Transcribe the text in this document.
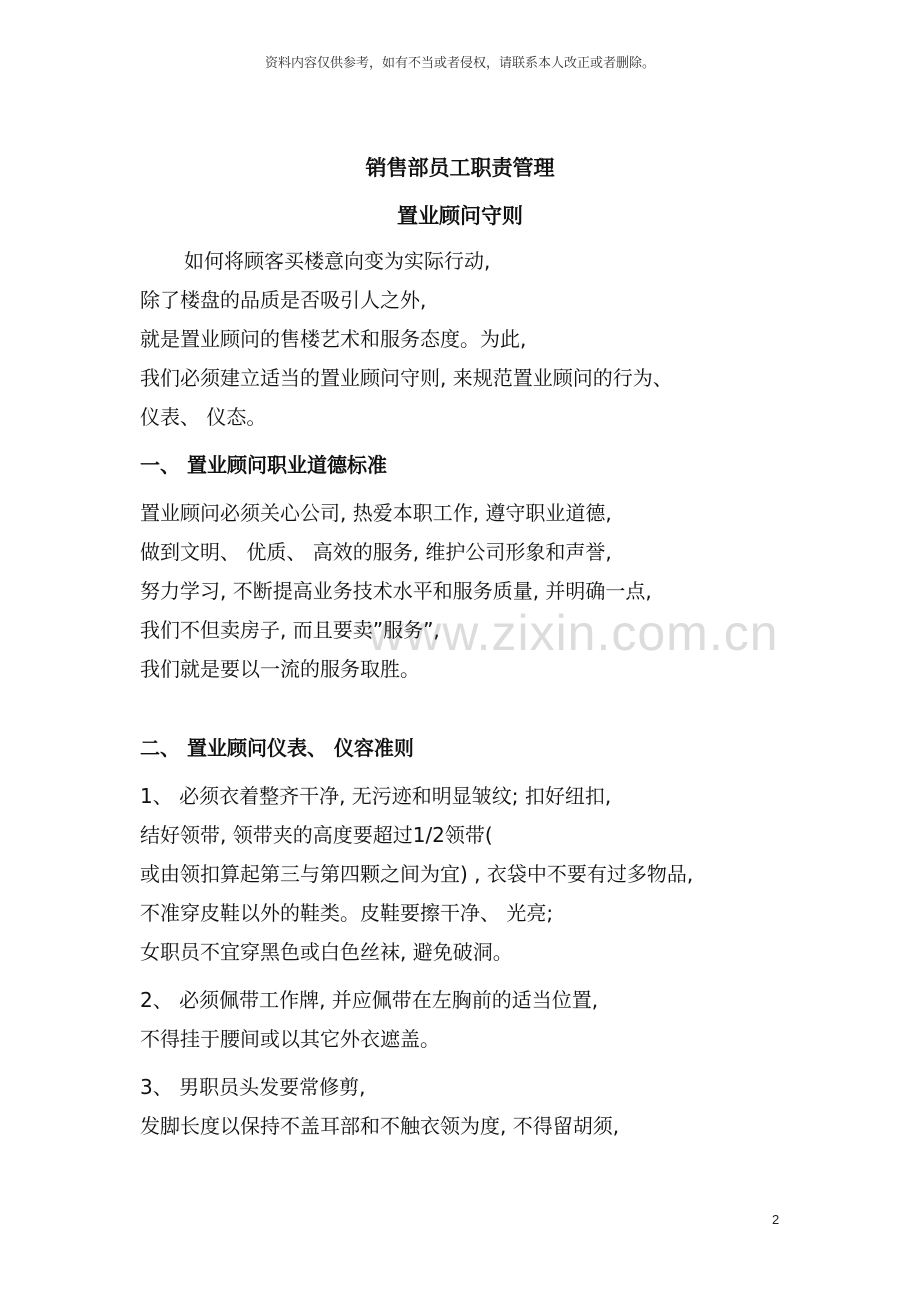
www.zixin.com.cn
资料内容仅供参考，如有不当或者侵权，请联系本人改正或者删除。
销售部员工职责管理
置业顾问守则
如何将顾客买楼意向变为实际行动,
除了楼盘的品质是否吸引人之外,
就是置业顾问的售楼艺术和服务态度。为此,
我们必须建立适当的置业顾问守则, 来规范置业顾问的行为、
仪表、 仪态。
一、 置业顾问职业道德标准
置业顾问必须关心公司, 热爱本职工作, 遵守职业道德,
做到文明、 优质、 高效的服务, 维护公司形象和声誉,
努力学习, 不断提高业务技术水平和服务质量, 并明确一点,
我们不但卖房子, 而且要卖”服务”,
我们就是要以一流的服务取胜。
二、 置业顾问仪表、 仪容准则
1、 必须衣着整齐干净, 无污迹和明显皱纹; 扣好纽扣,
结好领带, 领带夹的高度要超过1/2领带(
或由领扣算起第三与第四颗之间为宜) , 衣袋中不要有过多物品,
不准穿皮鞋以外的鞋类。皮鞋要擦干净、 光亮;
女职员不宜穿黑色或白色丝袜, 避免破洞。
2、 必须佩带工作牌, 并应佩带在左胸前的适当位置,
不得挂于腰间或以其它外衣遮盖。
3、 男职员头发要常修剪,
发脚长度以保持不盖耳部和不触衣领为度, 不得留胡须,
2
